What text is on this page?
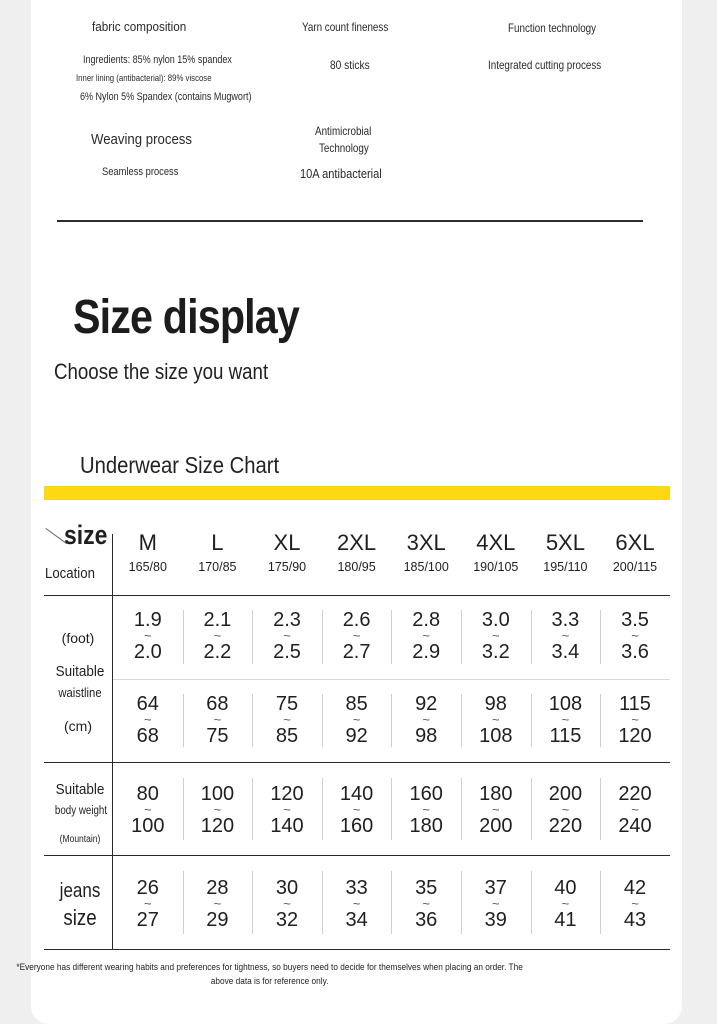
fabric composition
Ingredients: 85% nylon 15% spandex
Inner lining (antibacterial): 89% viscose
6% Nylon 5% Spandex (contains Mugwort)
Yarn count fineness
80 sticks
Function technology
Integrated cutting process
Weaving process
Seamless process
Antimicrobial
Technology
10A antibacterial
Size display
Choose the size you want
Underwear Size Chart
size
Location
(foot)
Suitable
waistline
(cm)
Suitable
body weight
(Mountain)
jeans
size
M
165/80
1.9
~
2.0
64
~
68
80
~
100
26
~
27
L
170/85
2.1
~
2.2
68
~
75
100
~
120
28
~
29
XL
175/90
2.3
~
2.5
75
~
85
120
~
140
30
~
32
2XL
180/95
2.6
~
2.7
85
~
92
140
~
160
33
~
34
3XL
185/100
2.8
~
2.9
92
~
98
160
~
180
35
~
36
4XL
190/105
3.0
~
3.2
98
~
108
180
~
200
37
~
39
5XL
195/110
3.3
~
3.4
108
~
115
200
~
220
40
~
41
6XL
200/115
3.5
~
3.6
115
~
120
220
~
240
42
~
43
*Everyone has different wearing habits and preferences for tightness, so buyers need to decide for themselves when placing an order. The above data is for reference only.
